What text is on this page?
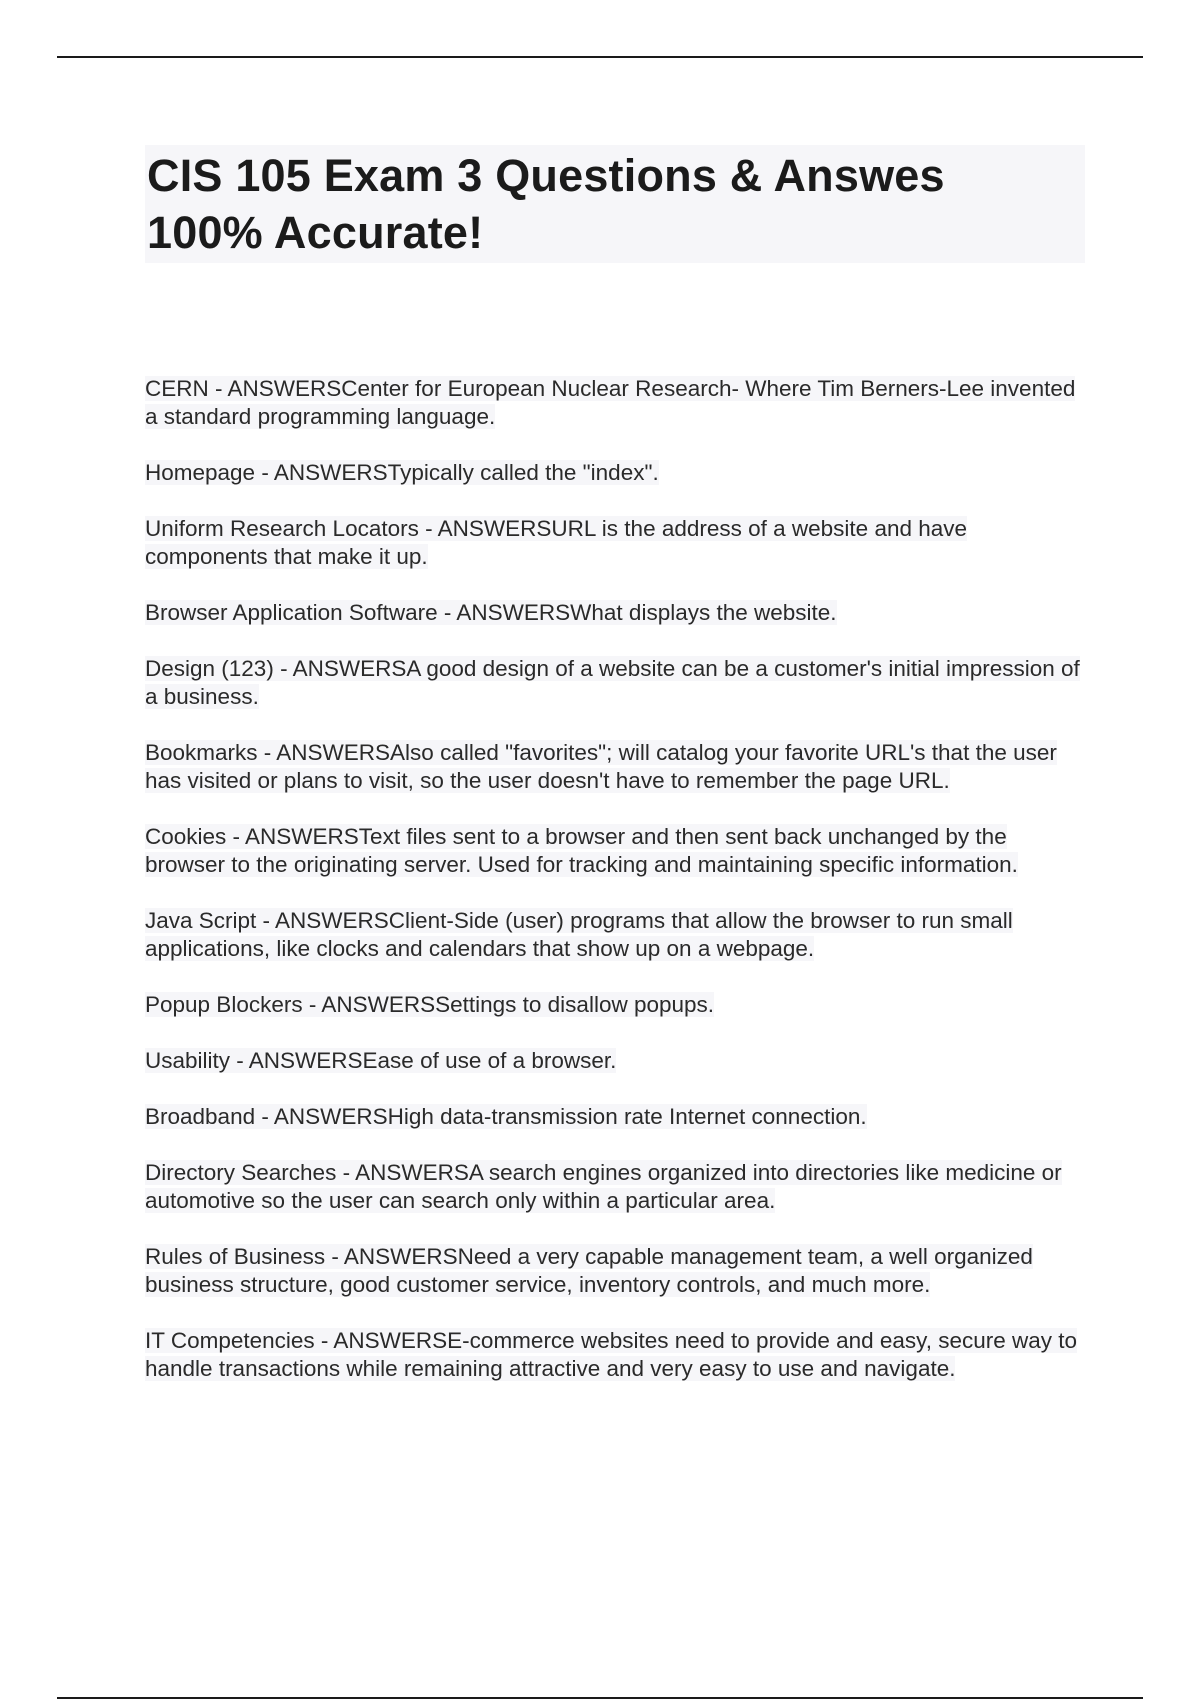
CIS 105 Exam 3 Questions & Answes
100% Accurate!

CERN - ANSWERSCenter for European Nuclear Research- Where Tim Berners-Lee invented a standard programming language.

Homepage - ANSWERSTypically called the "index".

Uniform Research Locators - ANSWERSURL is the address of a website and have components that make it up.

Browser Application Software - ANSWERSWhat displays the website.

Design (123) - ANSWERSA good design of a website can be a customer's initial impression of a business.

Bookmarks - ANSWERSAlso called "favorites"; will catalog your favorite URL's that the user has visited or plans to visit, so the user doesn't have to remember the page URL.

Cookies - ANSWERSText files sent to a browser and then sent back unchanged by the browser to the originating server. Used for tracking and maintaining specific information.

Java Script - ANSWERSClient-Side (user) programs that allow the browser to run small applications, like clocks and calendars that show up on a webpage.

Popup Blockers - ANSWERSSettings to disallow popups.

Usability - ANSWERSEase of use of a browser.

Broadband - ANSWERSHigh data-transmission rate Internet connection.

Directory Searches - ANSWERSA search engines organized into directories like medicine or automotive so the user can search only within a particular area.

Rules of Business - ANSWERSNeed a very capable management team, a well organized business structure, good customer service, inventory controls, and much more.

IT Competencies - ANSWERSE-commerce websites need to provide and easy, secure way to handle transactions while remaining attractive and very easy to use and navigate.
